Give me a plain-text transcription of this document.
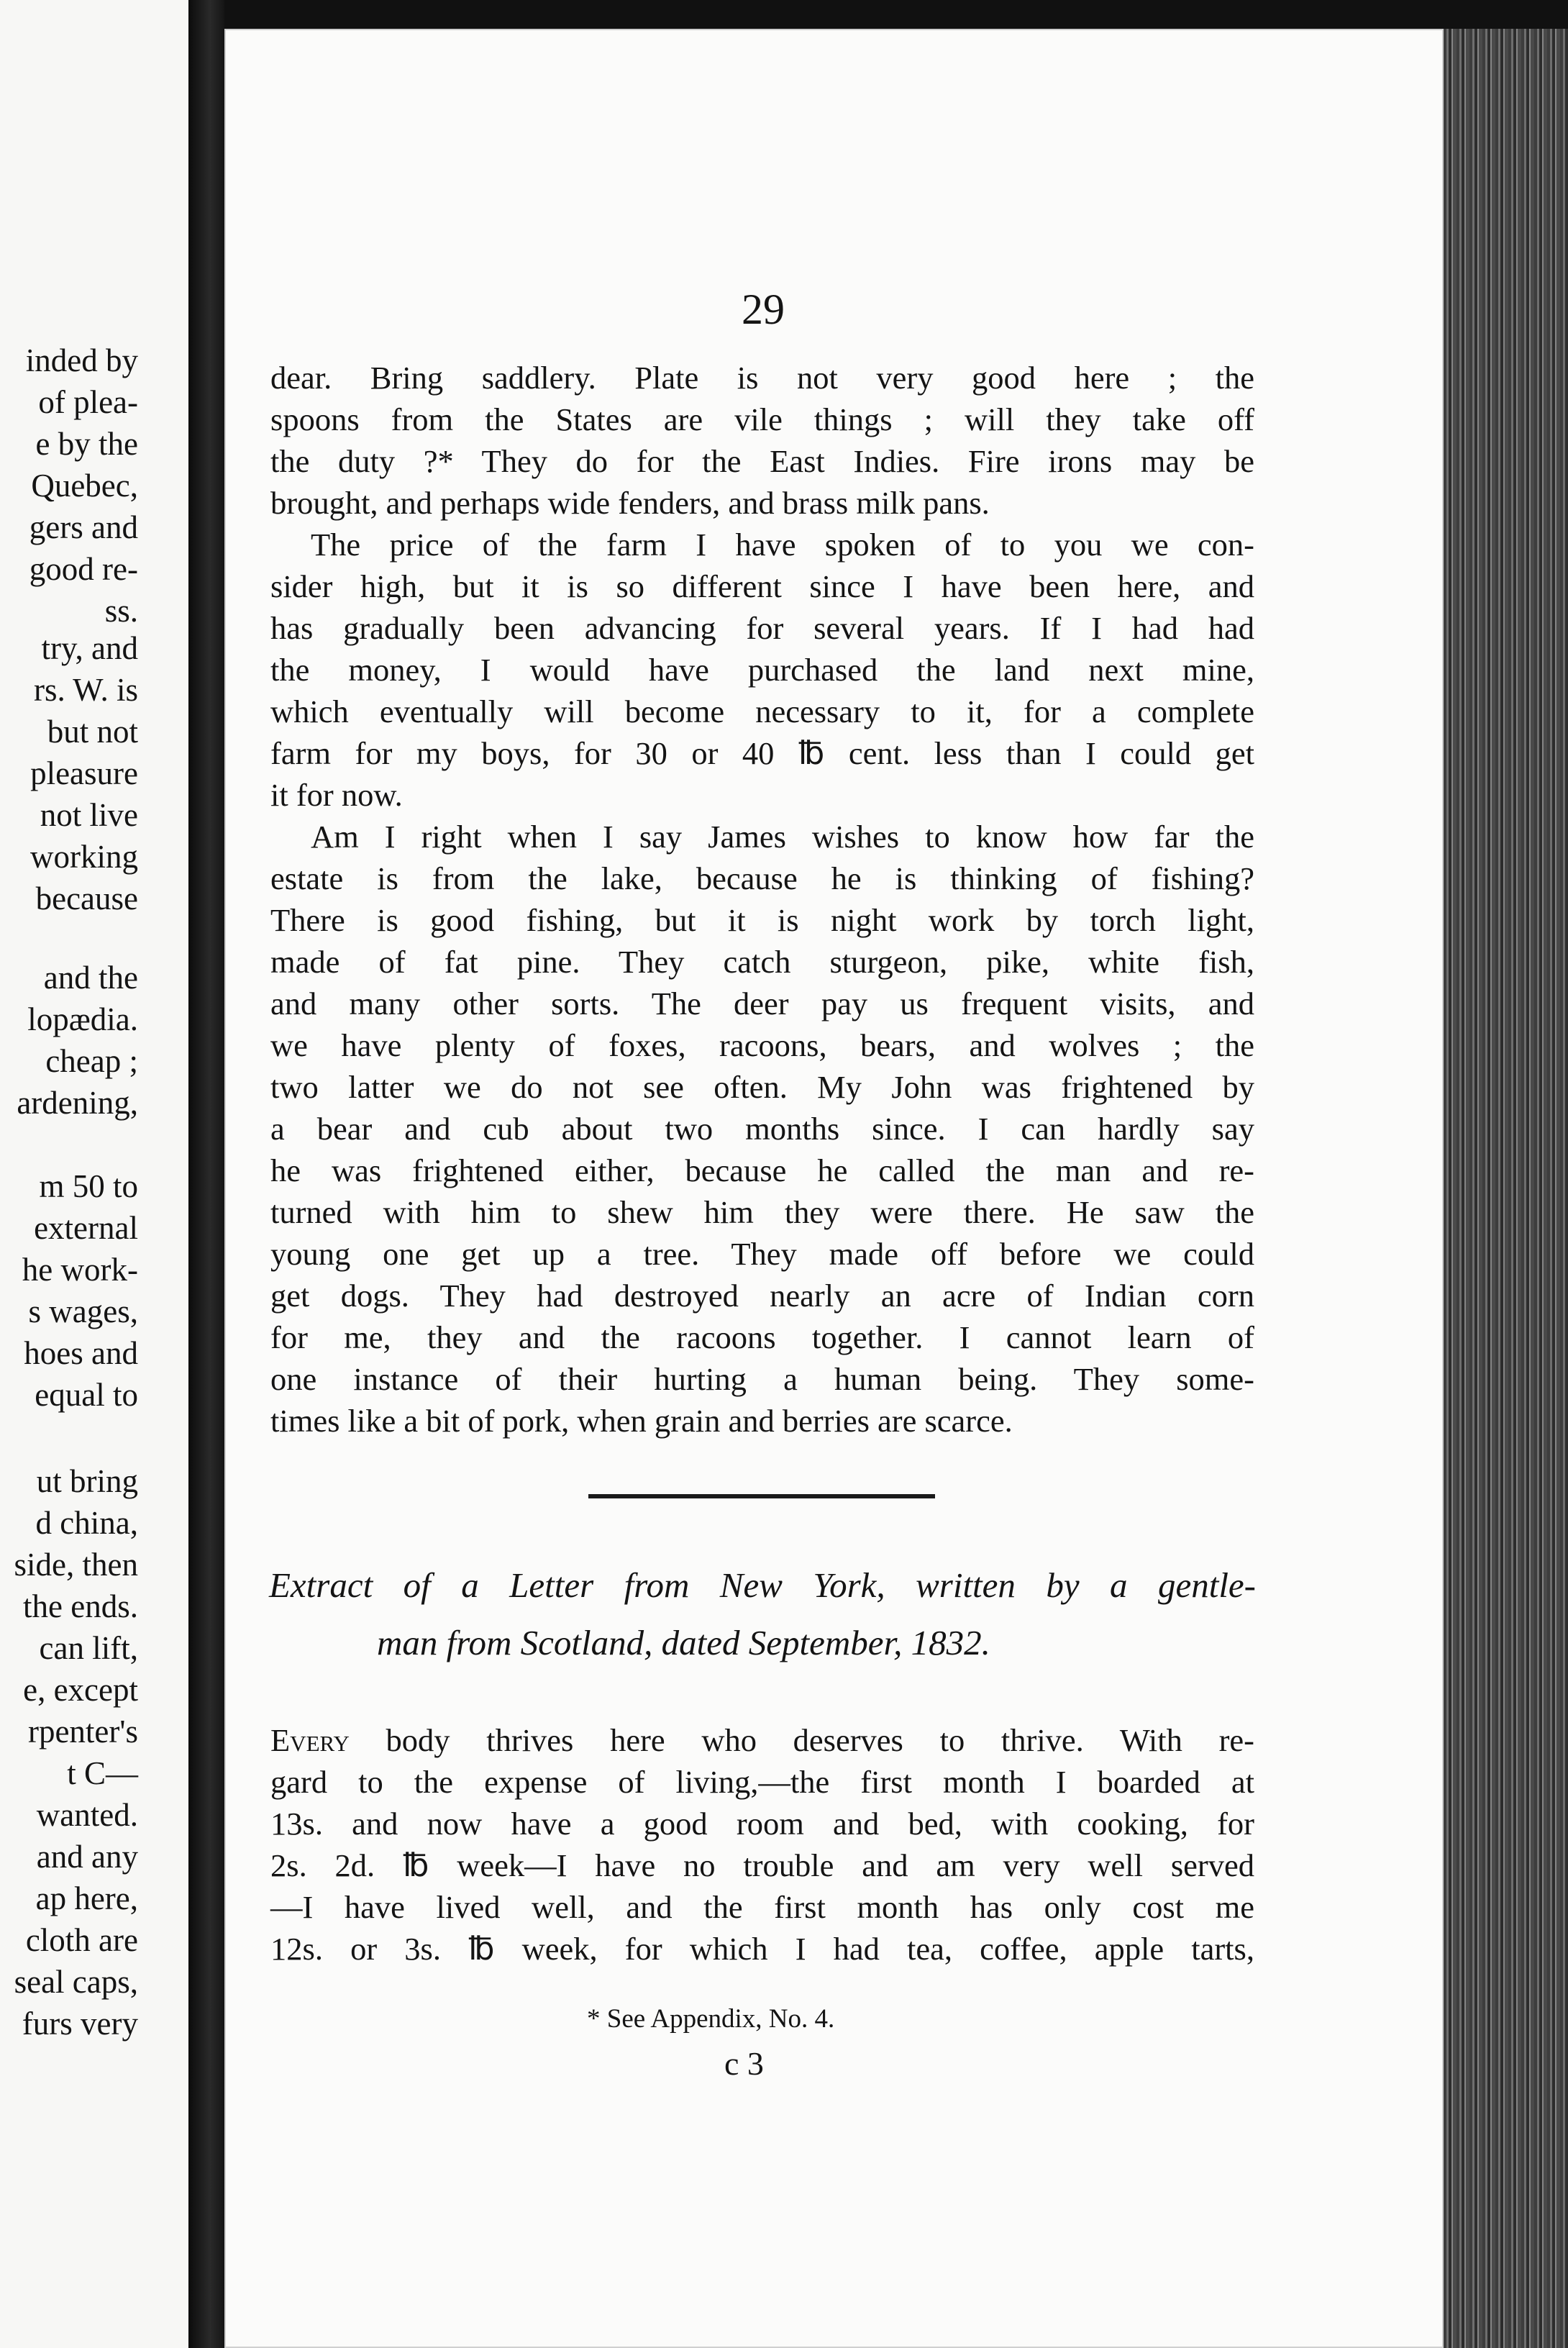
inded by
of plea-
e by the
Quebec,
gers and
good re-
ss.
try, and
rs. W. is
but not
pleasure
not live
working
because
and the
lopædia.
cheap ;
ardening,
m 50 to
external
he work-
s wages,
hoes and
equal to
ut bring
d china,
side, then
the ends.
can lift,
e, except
rpenter's
t C—
wanted.
and any
ap here,
cloth are
seal caps,
furs very
29
dear. Bring saddlery. Plate is not very good here ; the
spoons from the States are vile things ; will they take off
the duty ?* They do for the East Indies. Fire irons may be
brought, and perhaps wide fenders, and brass milk pans.
The price of the farm I have spoken of to you we con-
sider high, but it is so different since I have been here, and
has gradually been advancing for several years. If I had had
the money, I would have purchased the land next mine,
which eventually will become necessary to it, for a complete
farm for my boys, for 30 or 40 ℔ cent. less than I could get
it for now.
Am I right when I say James wishes to know how far the
estate is from the lake, because he is thinking of fishing?
There is good fishing, but it is night work by torch light,
made of fat pine. They catch sturgeon, pike, white fish,
and many other sorts. The deer pay us frequent visits, and
we have plenty of foxes, racoons, bears, and wolves ; the
two latter we do not see often. My John was frightened by
a bear and cub about two months since. I can hardly say
he was frightened either, because he called the man and re-
turned with him to shew him they were there. He saw the
young one get up a tree. They made off before we could
get dogs. They had destroyed nearly an acre of Indian corn
for me, they and the racoons together. I cannot learn of
one instance of their hurting a human being. They some-
times like a bit of pork, when grain and berries are scarce.
Extract of a Letter from New York, written by a gentle-
man from Scotland, dated September, 1832.
Every body thrives here who deserves to thrive. With re-
gard to the expense of living,—the first month I boarded at
13s. and now have a good room and bed, with cooking, for
2s. 2d. ℔ week—I have no trouble and am very well served
—I have lived well, and the first month has only cost me
12s. or 3s. ℔ week, for which I had tea, coffee, apple tarts,
* See Appendix, No. 4.
c 3
